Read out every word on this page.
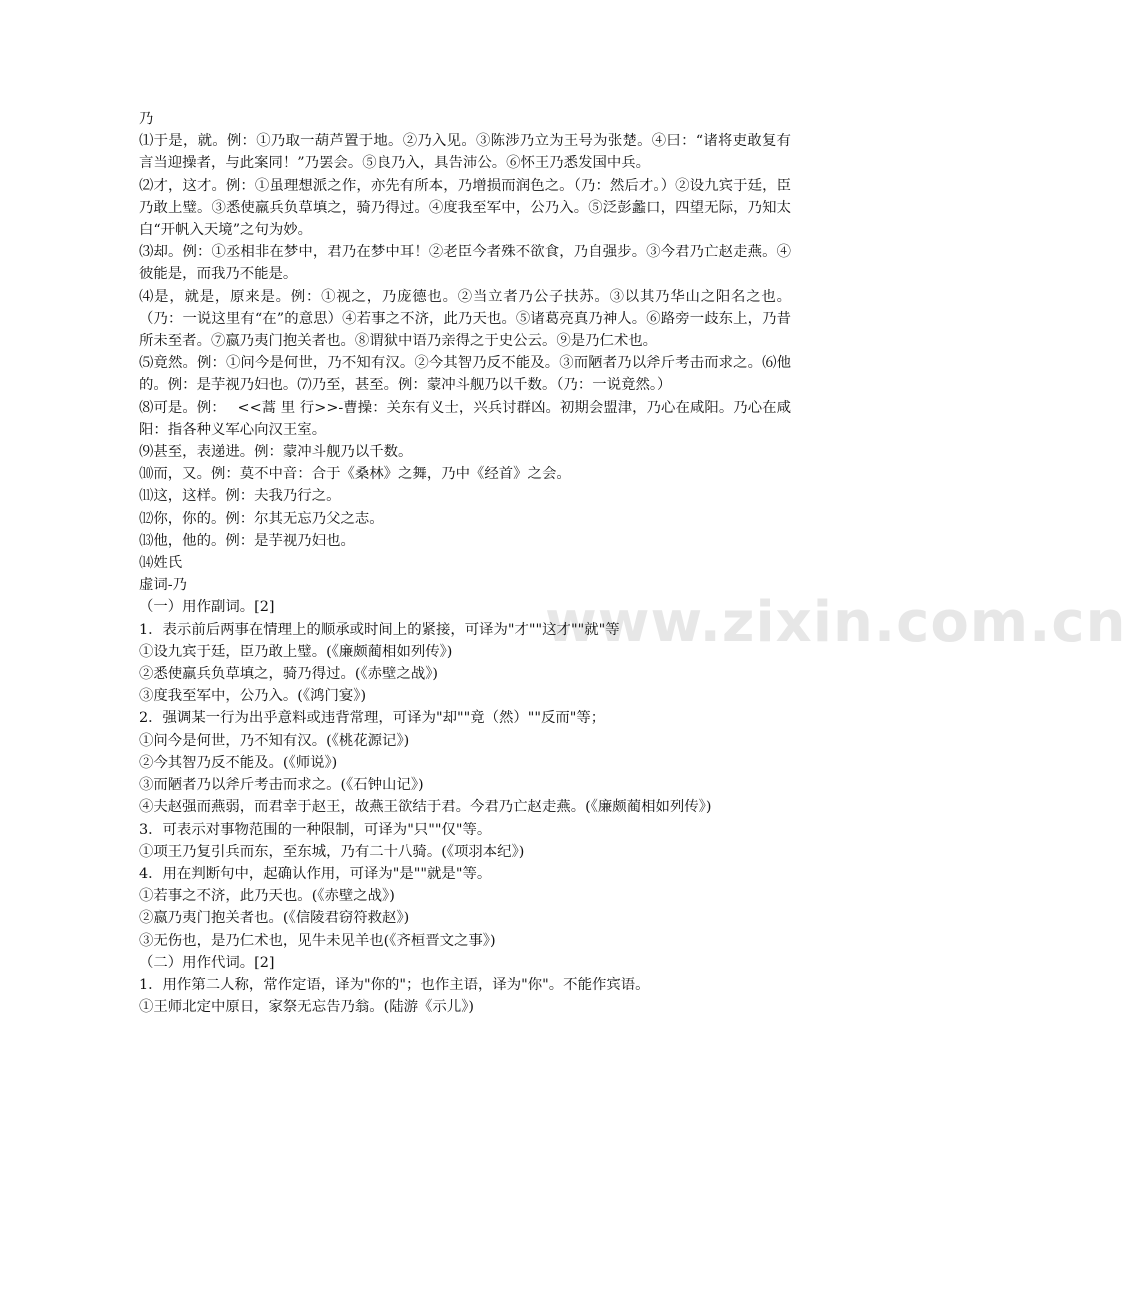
www.zixin.com.cn

乃

⑴于是，就。例：①乃取一葫芦置于地。②乃入见。③陈涉乃立为王号为张楚。④曰：“诸将吏敢复有言当迎操者，与此案同！”乃罢会。⑤良乃入，具告沛公。⑥怀王乃悉发国中兵。

⑵才，这才。例：①虽理想派之作，亦先有所本，乃增损而润色之。（乃：然后才。）②设九宾于廷，臣乃敢上璧。③悉使羸兵负草填之，骑乃得过。④度我至军中，公乃入。⑤泛彭蠡口，四望无际，乃知太白“开帆入天境”之句为妙。

⑶却。例：①丞相非在梦中，君乃在梦中耳！②老臣今者殊不欲食，乃自强步。③今君乃亡赵走燕。④彼能是，而我乃不能是。

⑷是，就是，原来是。例：①视之，乃庞德也。②当立者乃公子扶苏。③以其乃华山之阳名之也。（乃：一说这里有“在”的意思）④若事之不济，此乃天也。⑤诸葛亮真乃神人。⑥路旁一歧东上，乃昔所未至者。⑦嬴乃夷门抱关者也。⑧谓狱中语乃亲得之于史公云。⑨是乃仁术也。

⑸竟然。例：①问今是何世，乃不知有汉。②今其智乃反不能及。③而陋者乃以斧斤考击而求之。⑹他的。例：是芋视乃妇也。⑺乃至，甚至。例：蒙冲斗舰乃以千数。（乃：一说竟然。）

⑻可是。例：　 <<蒿 里 行>>-曹操：关东有义士，兴兵讨群凶。初期会盟津，乃心在咸阳。乃心在咸阳：指各种义军心向汉王室。

⑼甚至，表递进。例：蒙冲斗舰乃以千数。

⑽而，又。例：莫不中音：合于《桑林》之舞，乃中《经首》之会。

⑾这，这样。例：夫我乃行之。

⑿你，你的。例：尔其无忘乃父之志。

⒀他，他的。例：是芋视乃妇也。

⒁姓氏

虚词-乃

（一）用作副词。[2]

1．表示前后两事在情理上的顺承或时间上的紧接，可译为"才""这才""就"等

①设九宾于廷，臣乃敢上璧。(《廉颇蔺相如列传》)

②悉使羸兵负草填之，骑乃得过。(《赤壁之战》)

③度我至军中，公乃入。(《鸿门宴》)

2．强调某一行为出乎意料或违背常理，可译为"却""竟（然）""反而"等；

①问今是何世，乃不知有汉。(《桃花源记》)

②今其智乃反不能及。(《师说》)

③而陋者乃以斧斤考击而求之。(《石钟山记》)

④夫赵强而燕弱，而君幸于赵王，故燕王欲结于君。今君乃亡赵走燕。(《廉颇蔺相如列传》)

3．可表示对事物范围的一种限制，可译为"只""仅"等。

①项王乃复引兵而东，至东城，乃有二十八骑。(《项羽本纪》)

4．用在判断句中，起确认作用，可译为"是""就是"等。

①若事之不济，此乃天也。(《赤壁之战》)

②嬴乃夷门抱关者也。(《信陵君窃符救赵》)

③无伤也，是乃仁术也，见牛未见羊也(《齐桓晋文之事》)

（二）用作代词。[2]

1．用作第二人称，常作定语，译为"你的"；也作主语，译为"你"。不能作宾语。

①王师北定中原日，家祭无忘告乃翁。(陆游《示儿》)
